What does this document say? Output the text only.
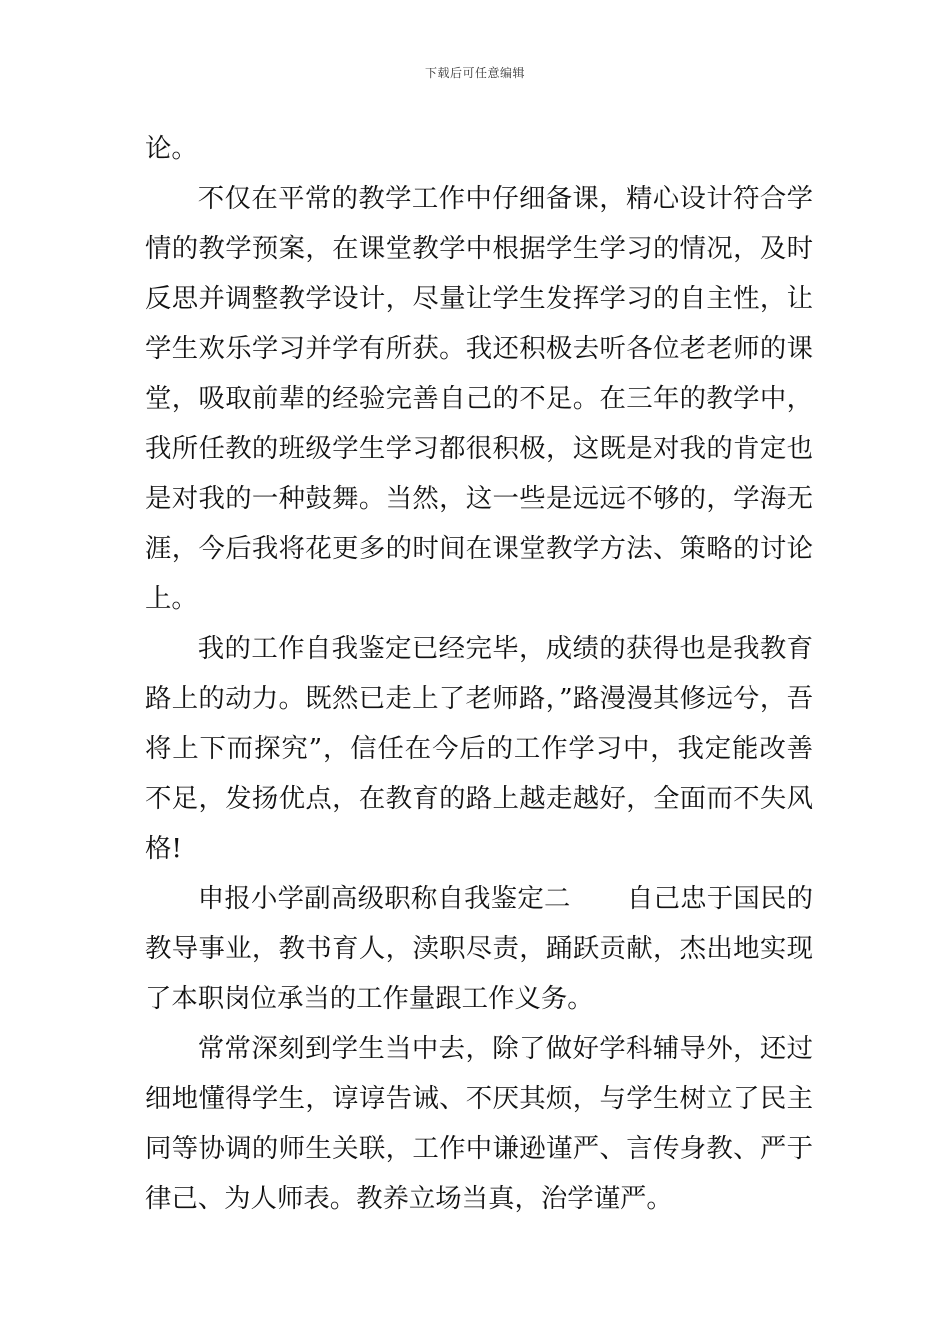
下载后可任意编辑

论。

不仅在平常的教学工作中仔细备课，精心设计符合学情的教学预案，在课堂教学中根据学生学习的情况，及时反思并调整教学设计，尽量让学生发挥学习的自主性，让学生欢乐学习并学有所获。我还积极去听各位老老师的课堂，吸取前辈的经验完善自己的不足。在三年的教学中，我所任教的班级学生学习都很积极，这既是对我的肯定也是对我的一种鼓舞。当然，这一些是远远不够的，学海无涯，今后我将花更多的时间在课堂教学方法、策略的讨论上。

我的工作自我鉴定已经完毕，成绩的获得也是我教育路上的动力。既然已走上了老师路，”路漫漫其修远兮，吾将上下而探究”，信任在今后的工作学习中，我定能改善不足，发扬优点，在教育的路上越走越好，全面而不失风格!

申报小学副高级职称自我鉴定二 自己忠于国民的教导事业，教书育人，渎职尽责，踊跃贡献，杰出地实现了本职岗位承当的工作量跟工作义务。

常常深刻到学生当中去，除了做好学科辅导外，还过细地懂得学生，谆谆告诫、不厌其烦，与学生树立了民主同等协调的师生关联，工作中谦逊谨严、言传身教、严于律己、为人师表。教养立场当真，治学谨严。
